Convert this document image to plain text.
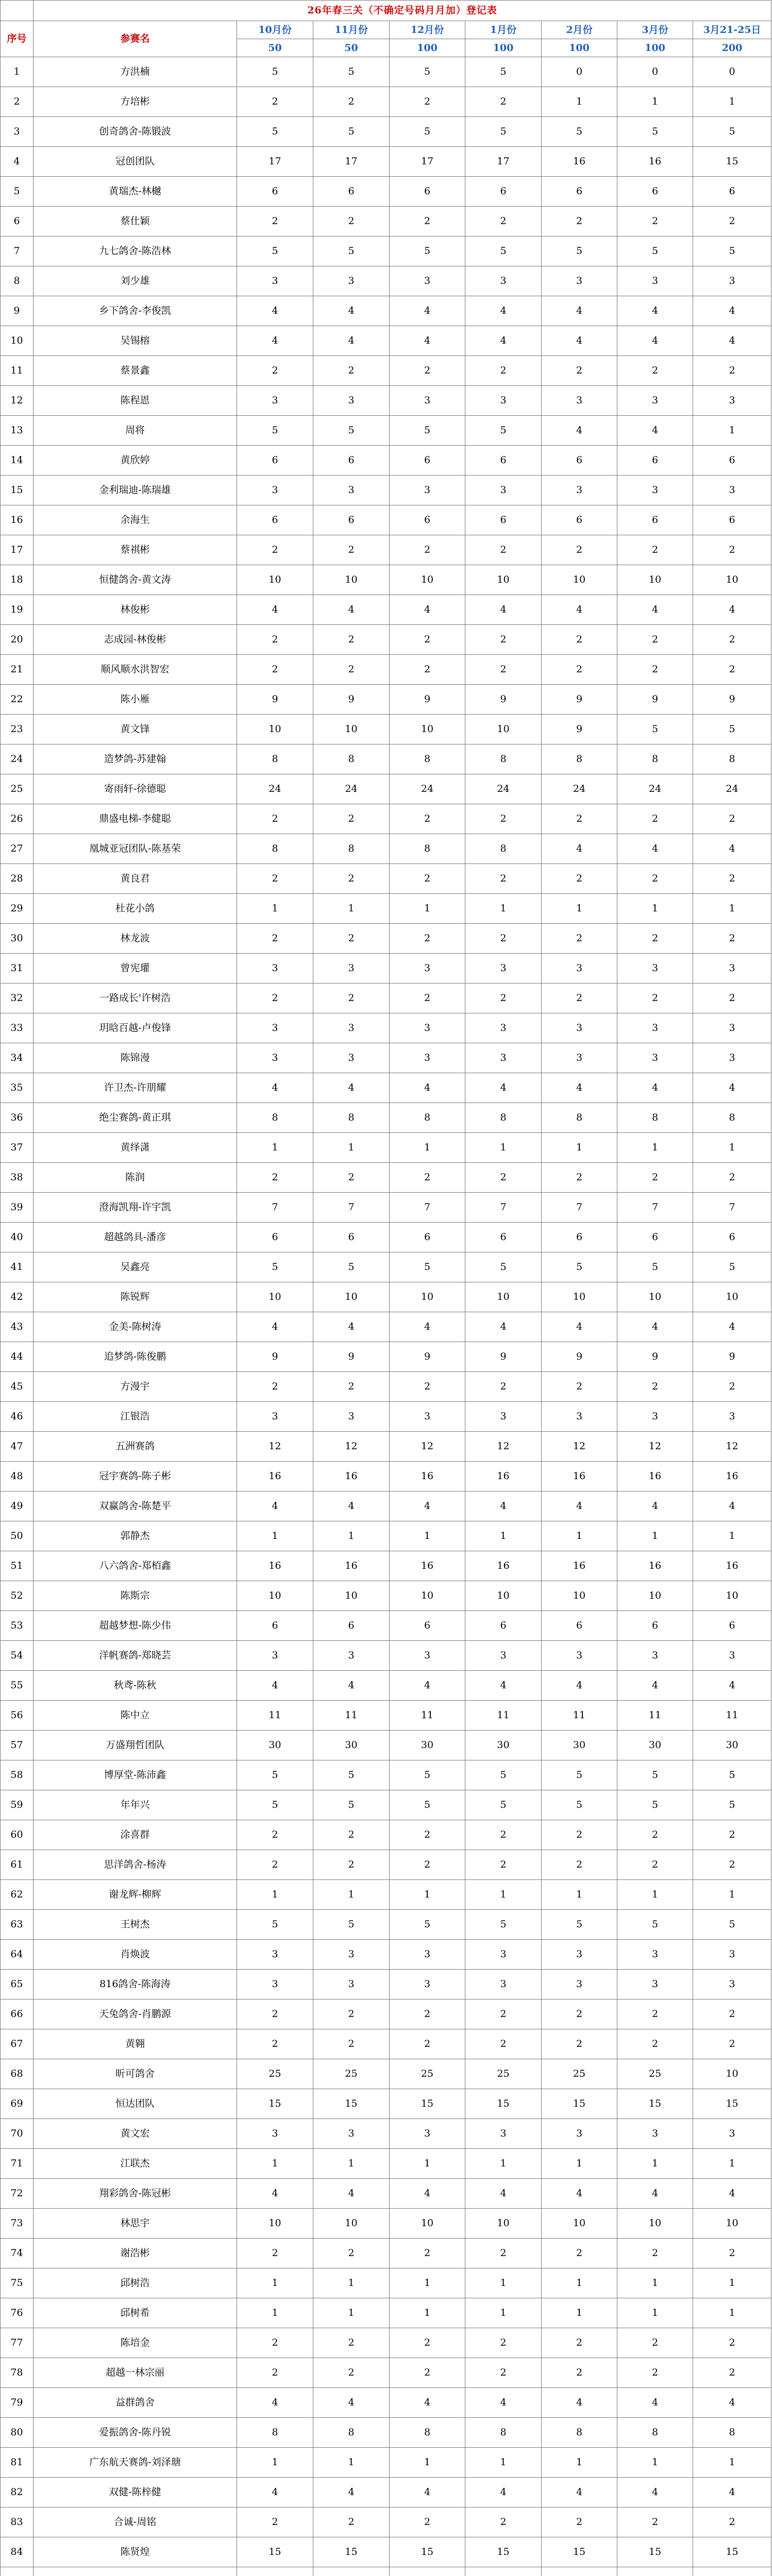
	26年春三关（不确定号码月月加）登记表							
序号	参赛名	10月份	11月份	12月份	1月份	2月份	3月份	3月21-25日
		50	50	100	100	100	100	200
1	方洪楠	5	5	5	5	0	0	0
2	方培彬	2	2	2	2	1	1	1
3	创奇鸽舍-陈锻波	5	5	5	5	5	5	5
4	冠创团队	17	17	17	17	16	16	15
5	黄瑞杰-林樾	6	6	6	6	6	6	6
6	蔡仕颖	2	2	2	2	2	2	2
7	九七鸽舍-陈浩林	5	5	5	5	5	5	5
8	刘少雄	3	3	3	3	3	3	3
9	乡下鸽舍-李俊凯	4	4	4	4	4	4	4
10	吴锡榕	4	4	4	4	4	4	4
11	蔡景鑫	2	2	2	2	2	2	2
12	陈程恩	3	3	3	3	3	3	3
13	周将	5	5	5	5	4	4	1
14	黄欣婷	6	6	6	6	6	6	6
15	金利瑞迪-陈瑞雄	3	3	3	3	3	3	3
16	余海生	6	6	6	6	6	6	6
17	蔡祺彬	2	2	2	2	2	2	2
18	恒健鸽舍-黄文涛	10	10	10	10	10	10	10
19	林俊彬	4	4	4	4	4	4	4
20	志成园-林俊彬	2	2	2	2	2	2	2
21	顺风顺水洪智宏	2	2	2	2	2	2	2
22	陈小雁	9	9	9	9	9	9	9
23	黄文锋	10	10	10	10	9	5	5
24	造梦鸽-苏建翰	8	8	8	8	8	8	8
25	寄雨轩-徐德聪	24	24	24	24	24	24	24
26	鼎盛电梯-李健聪	2	2	2	2	2	2	2
27	凰城亚冠团队-陈基荣	8	8	8	8	4	4	4
28	黄良君	2	2	2	2	2	2	2
29	杜花小鸽	1	1	1	1	1	1	1
30	林龙波	2	2	2	2	2	2	2
31	曾宪瓘	3	3	3	3	3	3	3
32	一路成长'许树浩	2	2	2	2	2	2	2
33	玥晗百越-卢俊锋	3	3	3	3	3	3	3
34	陈锦漫	3	3	3	3	3	3	3
35	许卫杰-许朋耀	4	4	4	4	4	4	4
36	绝尘赛鸽-黄正琪	8	8	8	8	8	8	8
37	黄绎潇	1	1	1	1	1	1	1
38	陈润	2	2	2	2	2	2	2
39	澄海凯翔-许宇凯	7	7	7	7	7	7	7
40	超越鸽具-潘彦	6	6	6	6	6	6	6
41	吴鑫亮	5	5	5	5	5	5	5
42	陈锐辉	10	10	10	10	10	10	10
43	金美-陈树涛	4	4	4	4	4	4	4
44	追梦鸽-陈俊鹏	9	9	9	9	9	9	9
45	方漫宇	2	2	2	2	2	2	2
46	江银浩	3	3	3	3	3	3	3
47	五洲赛鸽	12	12	12	12	12	12	12
48	冠宇赛鸽-陈子彬	16	16	16	16	16	16	16
49	双赢鸽舍-陈楚平	4	4	4	4	4	4	4
50	郭静杰	1	1	1	1	1	1	1
51	八六鸽舍-郑栢鑫	16	16	16	16	16	16	16
52	陈斯宗	10	10	10	10	10	10	10
53	超越梦想-陈少伟	6	6	6	6	6	6	6
54	洋帆赛鸽-郑晓芸	3	3	3	3	3	3	3
55	秋鸢-陈秋	4	4	4	4	4	4	4
56	陈中立	11	11	11	11	11	11	11
57	万盛翔哲团队	30	30	30	30	30	30	30
58	博厚堂-陈沛鑫	5	5	5	5	5	5	5
59	年年兴	5	5	5	5	5	5	5
60	涂喜群	2	2	2	2	2	2	2
61	思洋鸽舍-杨涛	2	2	2	2	2	2	2
62	谢龙辉-柳辉	1	1	1	1	1	1	1
63	王树杰	5	5	5	5	5	5	5
64	肖焕波	3	3	3	3	3	3	3
65	816鸽舍-陈海涛	3	3	3	3	3	3	3
66	天兔鸽舍-肖鹏源	2	2	2	2	2	2	2
67	黄翱	2	2	2	2	2	2	2
68	昕可鸽舍	25	25	25	25	25	25	10
69	恒达团队	15	15	15	15	15	15	15
70	黄文宏	3	3	3	3	3	3	3
71	江联杰	1	1	1	1	1	1	1
72	翔彩鸽舍-陈冠彬	4	4	4	4	4	4	4
73	林思宇	10	10	10	10	10	10	10
74	谢浩彬	2	2	2	2	2	2	2
75	邱树浩	1	1	1	1	1	1	1
76	邱树希	1	1	1	1	1	1	1
77	陈培金	2	2	2	2	2	2	2
78	超越一林宗丽	2	2	2	2	2	2	2
79	益群鸽舍	4	4	4	4	4	4	4
80	爱振鸽舍-陈丹锐	8	8	8	8	8	8	8
81	广东航天赛鸽-刘泽瑭	1	1	1	1	1	1	1
82	双健-陈梓健	4	4	4	4	4	4	4
83	合诚-周铭	2	2	2	2	2	2	2
84	陈贤煌	15	15	15	15	15	15	15
